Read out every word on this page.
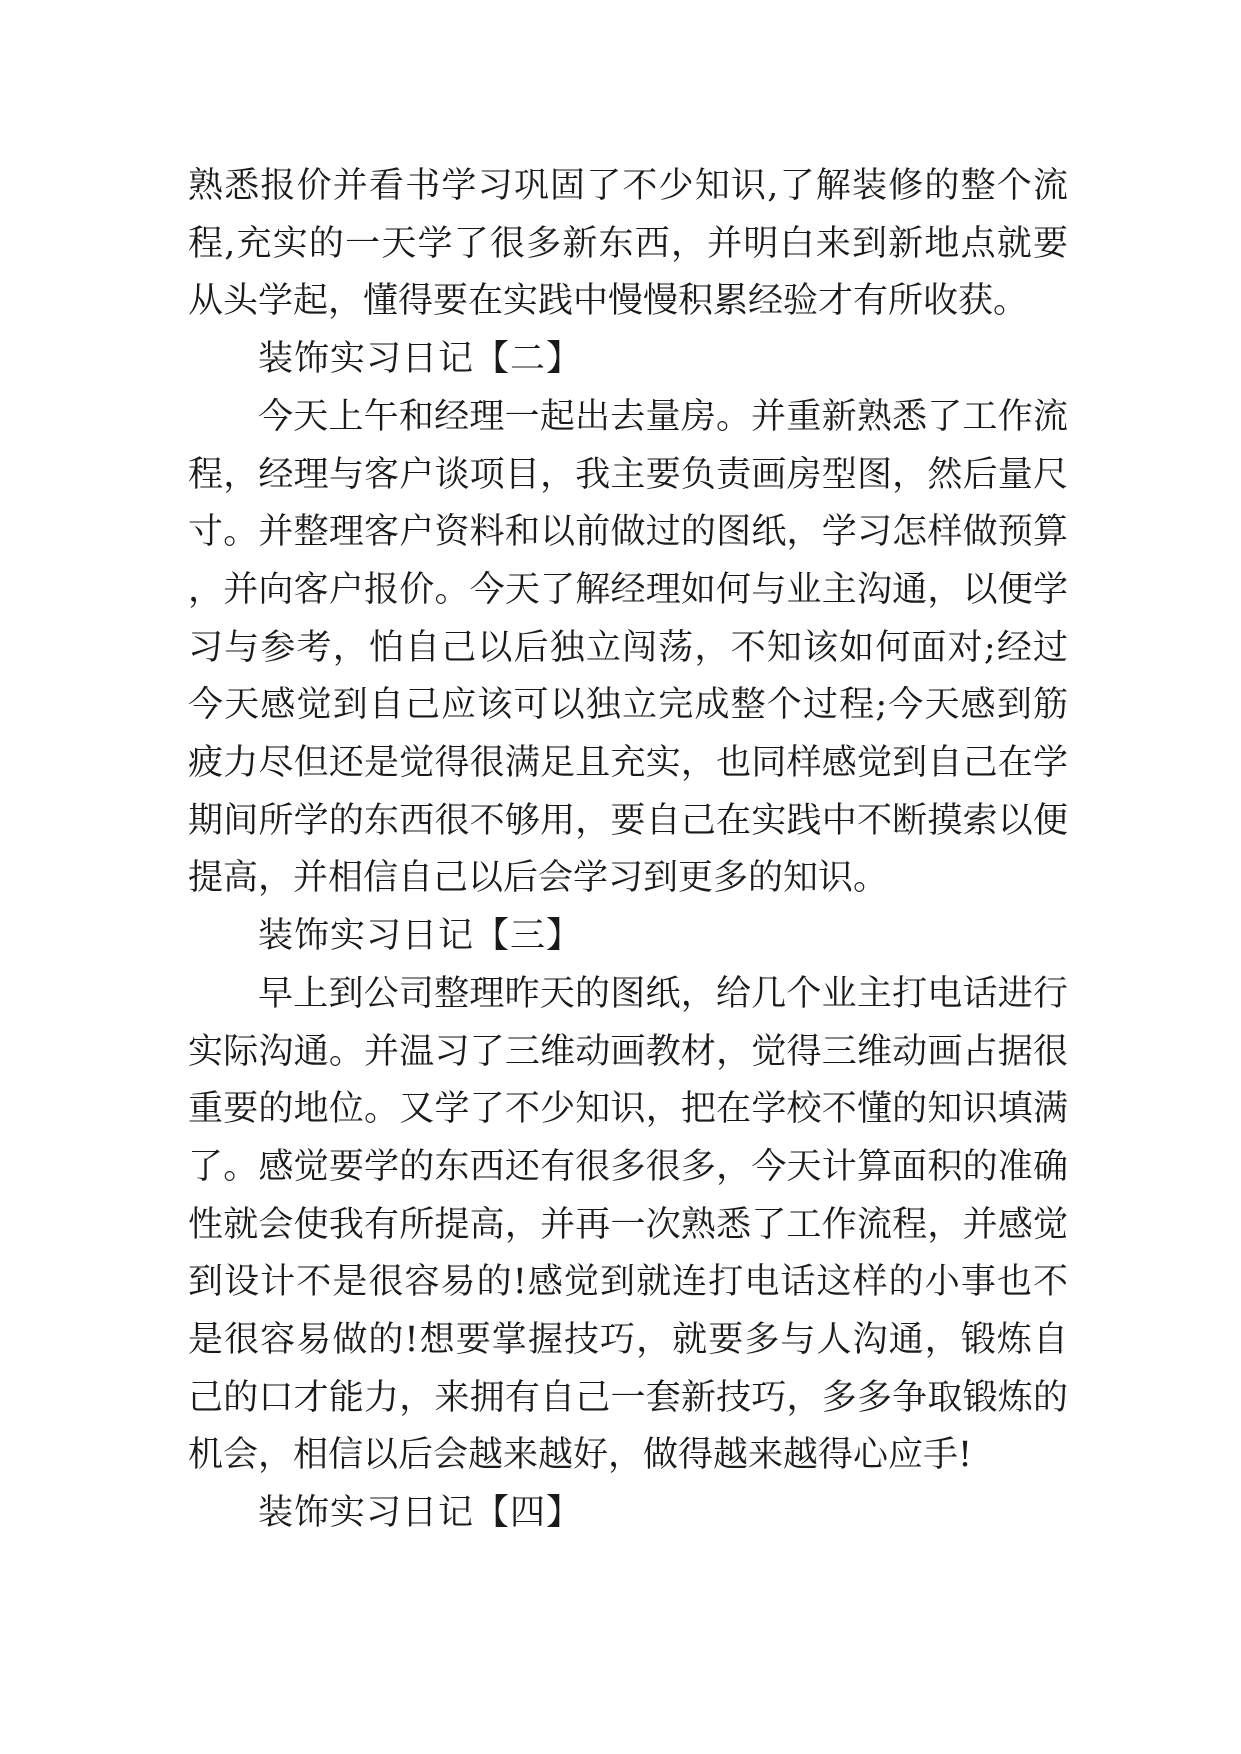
熟悉报价并看书学习巩固了不少知识,了解装修的整个流程,充实的一天学了很多新东西，并明白来到新地点就要从头学起，懂得要在实践中慢慢积累经验才有所收获。

装饰实习日记【二】

今天上午和经理一起出去量房。并重新熟悉了工作流程，经理与客户谈项目，我主要负责画房型图，然后量尺寸。并整理客户资料和以前做过的图纸，学习怎样做预算，并向客户报价。今天了解经理如何与业主沟通，以便学习与参考，怕自己以后独立闯荡，不知该如何面对;经过今天感觉到自己应该可以独立完成整个过程;今天感到筋疲力尽但还是觉得很满足且充实，也同样感觉到自己在学期间所学的东西很不够用，要自己在实践中不断摸索以便提高，并相信自己以后会学习到更多的知识。

装饰实习日记【三】

早上到公司整理昨天的图纸，给几个业主打电话进行实际沟通。并温习了三维动画教材，觉得三维动画占据很重要的地位。又学了不少知识，把在学校不懂的知识填满了。感觉要学的东西还有很多很多，今天计算面积的准确性就会使我有所提高，并再一次熟悉了工作流程，并感觉到设计不是很容易的!感觉到就连打电话这样的小事也不是很容易做的!想要掌握技巧，就要多与人沟通，锻炼自己的口才能力，来拥有自己一套新技巧，多多争取锻炼的机会，相信以后会越来越好，做得越来越得心应手!

装饰实习日记【四】
